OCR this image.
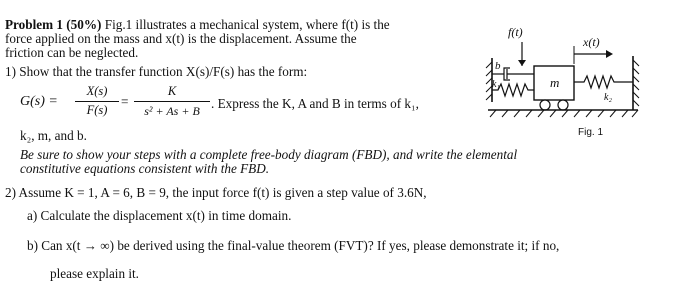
Problem 1 (50%) Fig.1 illustrates a mechanical system, where f(t) is the
force applied on the mass and x(t) is the displacement. Assume the
friction can be neglected.
1) Show that the transfer function X(s)/F(s) has the form:
G(s) =
X(s)
F(s)
=
K
s² + As + B . Express the K, A and B in terms of k₁,
k₂, m, and b.
Be sure to show your steps with a complete free-body diagram (FBD), and write the elemental
constitutive equations consistent with the FBD.
2) Assume K = 1, A = 6, B = 9, the input force f(t) is given a step value of 3.6N,
a) Calculate the displacement x(t) in time domain.
b) Can x(t → ∞) be derived using the final-value theorem (FVT)? If yes, please demonstrate it; if no,
please explain it.
f(t)
x(t)
b
k₁	m
k₂
Fig. 1
